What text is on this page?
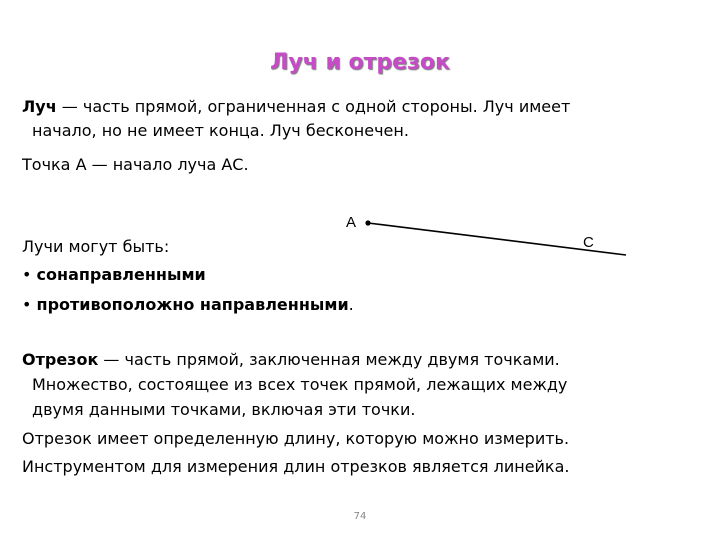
Луч и отрезок
Луч — часть прямой, ограниченная с одной стороны. Луч имеет
начало, но не имеет конца. Луч бесконечен.
Точка А — начало луча АС.
А
С
Лучи могут быть:
• сонаправленными
• противоположно направленными.
Отрезок — часть прямой, заключенная между двумя точками.
Множество, состоящее из всех точек прямой, лежащих между
двумя данными точками, включая эти точки.
Отрезок имеет определенную длину, которую можно измерить.
Инструментом для измерения длин отрезков является линейка.
74
